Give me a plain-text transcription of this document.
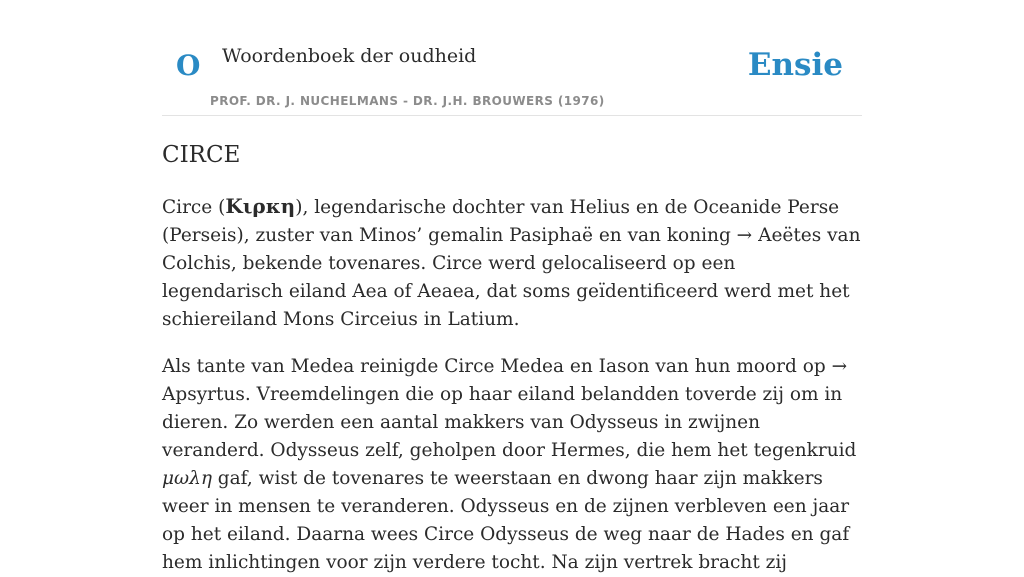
O Woordenboek der oudheid
PROF. DR. J. NUCHELMANS - DR. J.H. BROUWERS (1976)
Ensie
CIRCE

Circe (Κιρκη), legendarische dochter van Helius en de Oceanide Perse (Perseis), zuster van Minos’ gemalin Pasiphaë en van koning → Aeëtes van Colchis, bekende tovenares. Circe werd gelocaliseerd op een legendarisch eiland Aea of Aeaea, dat soms geïdentificeerd werd met het schiereiland Mons Circeius in Latium.

Als tante van Medea reinigde Circe Medea en Iason van hun moord op → Apsyrtus. Vreemdelingen die op haar eiland belandden toverde zij om in dieren. Zo werden een aantal makkers van Odysseus in zwijnen veranderd. Odysseus zelf, geholpen door Hermes, die hem het tegenkruid μωλη gaf, wist de tovenares te weerstaan en dwong haar zijn makkers weer in mensen te veranderen. Odysseus en de zijnen verbleven een jaar op het eiland. Daarna wees Circe Odysseus de weg naar de Hades en gaf hem inlichtingen voor zijn verdere tocht. Na zijn vertrek bracht zij
